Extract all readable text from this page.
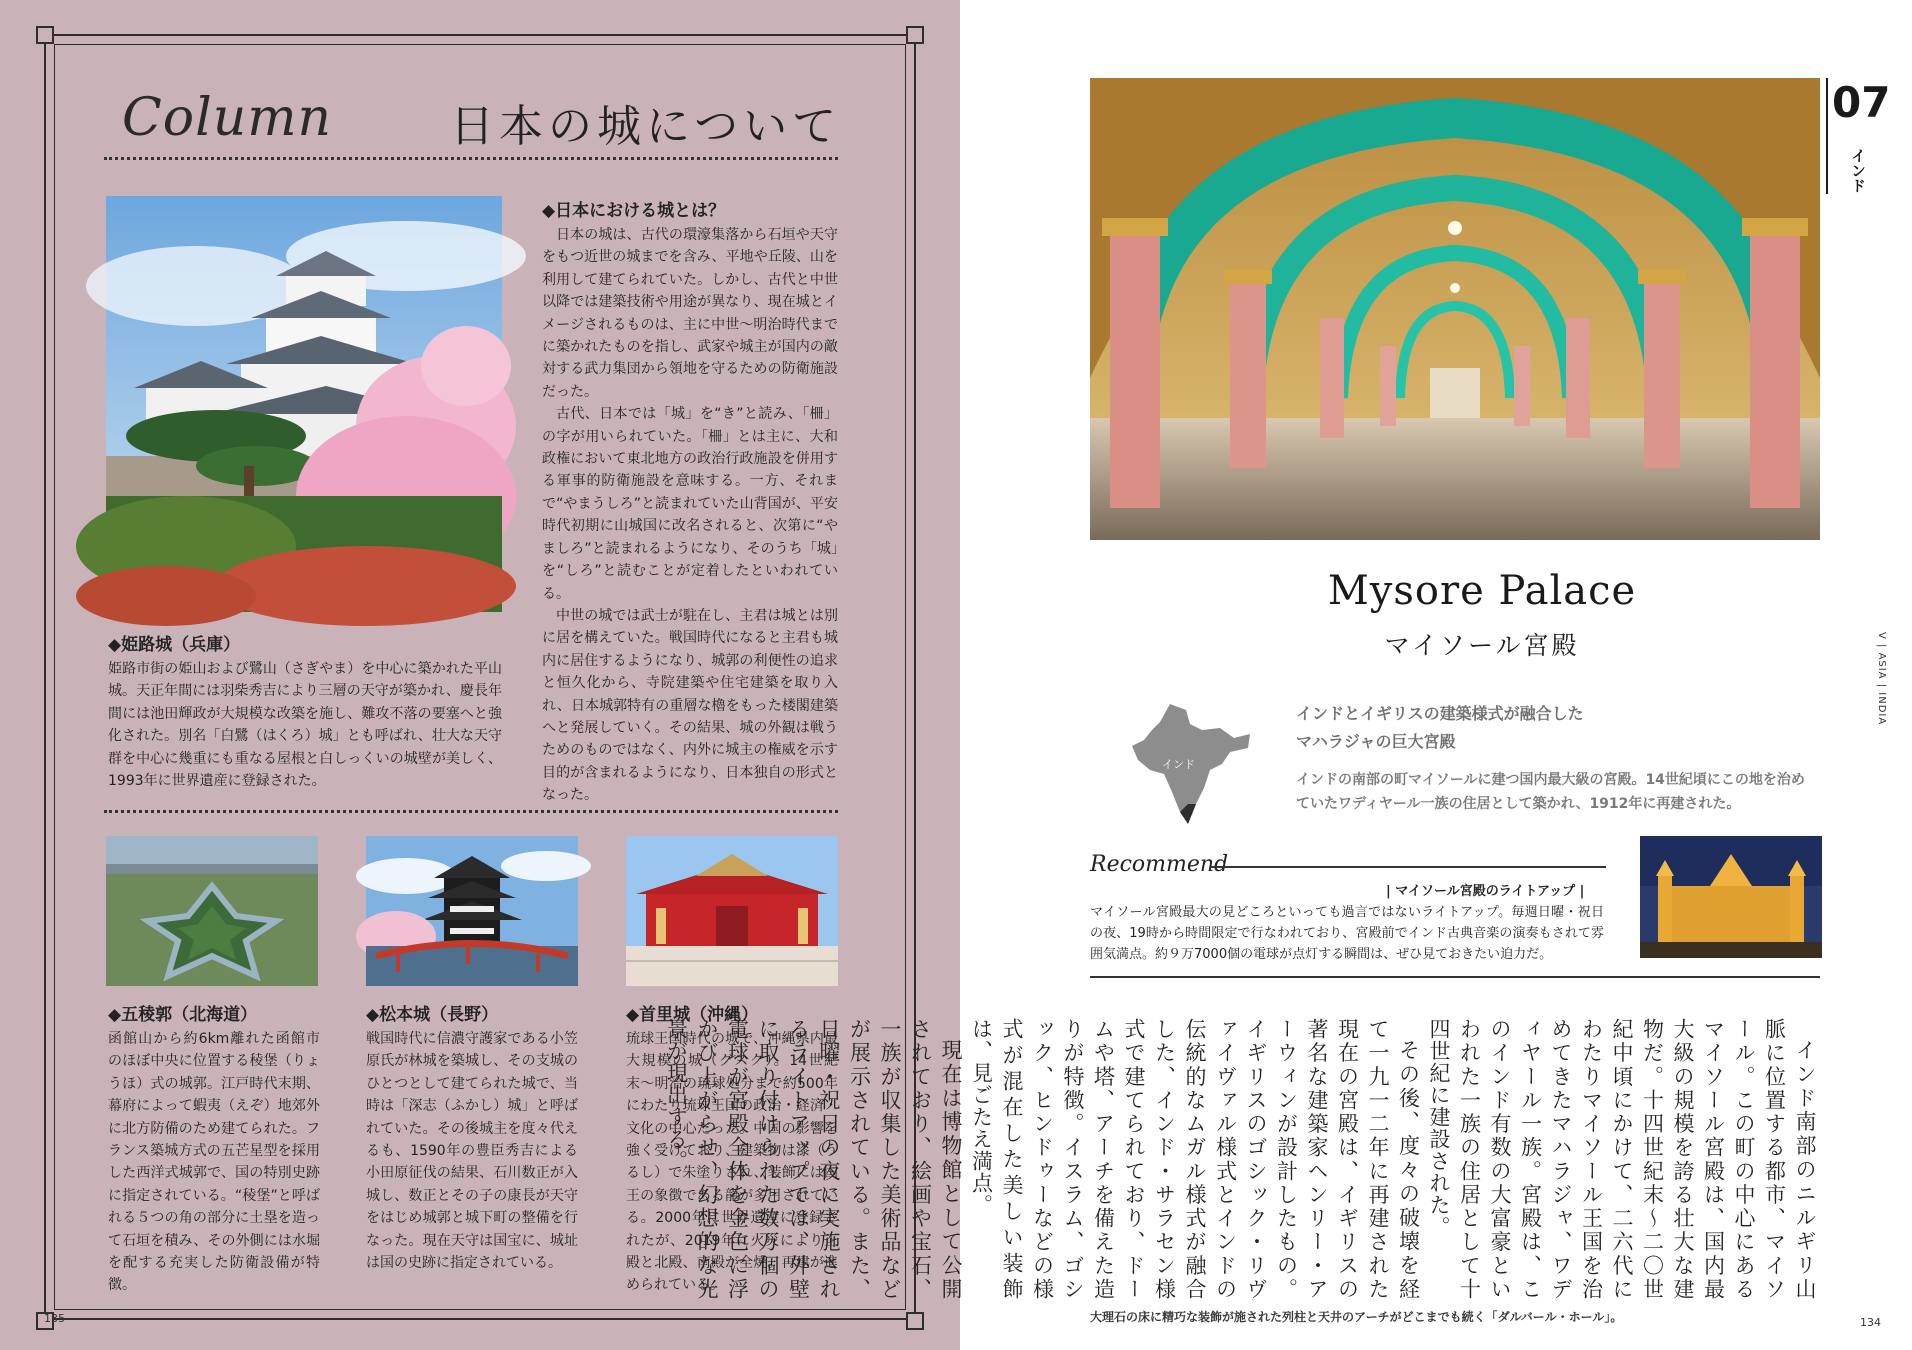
Column	日本の城について
◆姫路城（兵庫）
姫路市街の姫山および鷺山（さぎやま）を中心に築かれた平山城。天正年間には羽柴秀吉により三層の天守が築かれ、慶長年間には池田輝政が大規模な改築を施し、難攻不落の要塞へと強化された。別名「白鷺（はくろ）城」とも呼ばれ、壮大な天守群を中心に幾重にも重なる屋根と白しっくいの城壁が美しく、1993年に世界遺産に登録された。
◆日本における城とは？

日本の城は、古代の環濠集落から石垣や天守をもつ近世の城までを含み、平地や丘陵、山を利用して建てられていた。しかし、古代と中世以降では建築技術や用途が異なり、現在城とイメージされるものは、主に中世〜明治時代までに築かれたものを指し、武家や城主が国内の敵対する武力集団から領地を守るための防衛施設だった。

古代、日本では「城」を“き”と読み、「柵」の字が用いられていた。「柵」とは主に、大和政権において東北地方の政治行政施設を併用する軍事的防衛施設を意味する。一方、それまで“やまうしろ”と読まれていた山背国が、平安時代初期に山城国に改名されると、次第に“やましろ”と読まれるようになり、そのうち「城」を“しろ”と読むことが定着したといわれている。

中世の城では武士が駐在し、主君は城とは別に居を構えていた。戦国時代になると主君も城内に居住するようになり、城郭の利便性の追求と恒久化から、寺院建築や住宅建築を取り入れ、日本城郭特有の重層な櫓をもった楼閣建築へと発展していく。その結果、城の外観は戦うためのものではなく、内外に城主の権威を示す目的が含まれるようになり、日本独自の形式となった。

◆五稜郭（北海道）
函館山から約6km離れた函館市のほぼ中央に位置する稜堡（りょうほ）式の城郭。江戸時代末期、幕府によって蝦夷（えぞ）地郊外に北方防備のため建てられた。フランス築城方式の五芒星型を採用した西洋式城郭で、国の特別史跡に指定されている。“稜堡”と呼ばれる５つの角の部分に土塁を造って石垣を積み、その外側には水堀を配する充実した防衛設備が特徴。
◆松本城（長野）
戦国時代に信濃守護家である小笠原氏が林城を築城し、その支城のひとつとして建てられた城で、当時は「深志（ふかし）城」と呼ばれていた。その後城主を度々代えるも、1590年の豊臣秀吉による小田原征伐の結果、石川数正が入城し、数正とその子の康長が天守をはじめ城郭と城下町の整備を行なった。現在天守は国宝に、城址は国の史跡に指定されている。
◆首里城（沖縄）
琉球王国時代の城で、沖縄県内最大規模の城（グスク）。14世紀末〜明治の琉球処分まで約500年にわたり琉球王国の政治・経済・文化の中心だった。中国の影響を強く受けており、建築物は漆（うるし）で朱塗りされ、装飾には国王の象徴である龍が多用されている。2000年に世界遺産に登録されたが、2019年に火災により正殿と北殿、南殿が全焼。再建が進められている。
135
07
インド
V | ASIA | INDIA
Mysore Palace
マイソール宮殿
インド
インドとイギリスの建築様式が融合した
マハラジャの巨大宮殿
インドの南部の町マイソールに建つ国内最大級の宮殿。14世紀頃にこの地を治めていたワディヤール一族の住居として築かれ、1912年に再建された。
Recommend
| マイソール宮殿のライトアップ |
マイソール宮殿最大の見どころといっても過言ではないライトアップ。毎週日曜・祝日の夜、19時から時間限定で行なわれており、宮殿前でインド古典音楽の演奏もされて雰囲気満点。約９万7000個の電球が点灯する瞬間は、ぜひ見ておきたい迫力だ。

インド南部のニルギリ山脈に位置する都市、マイソール。この町の中心にあるマイソール宮殿は、国内最大級の規模を誇る壮大な建物だ。十四世紀末〜二〇世紀中頃にかけて、二六代にわたりマイソール王国を治めてきたマハラジャ、ワディヤール一族。宮殿は、このインド有数の大富豪といわれた一族の住居として十四世紀に建設された。

その後、度々の破壊を経て一九一二年に再建された現在の宮殿は、イギリスの著名な建築家ヘンリー・アーウィンが設計したもの。イギリスのゴシック・リヴァイヴァル様式とインドの伝統的なムガル様式が融合した、インド・サラセン様式で建てられており、ドームや塔、アーチを備えた造りが特徴。イスラム、ゴシック、ヒンドゥーなどの様式が混在した美しい装飾は、見ごたえ満点。

現在は博物館として公開されており、絵画や宝石、一族が収集した美術品などが展示されている。また、日曜・祝日の夜に実施されるライトアップでは、外壁に取り付けられた数万個の電球が宮殿全体を金色に浮かび上がらせ、幻想的な光景が現出する。

大理石の床に精巧な装飾が施された列柱と天井のアーチがどこまでも続く「ダルバール・ホール」。	134
